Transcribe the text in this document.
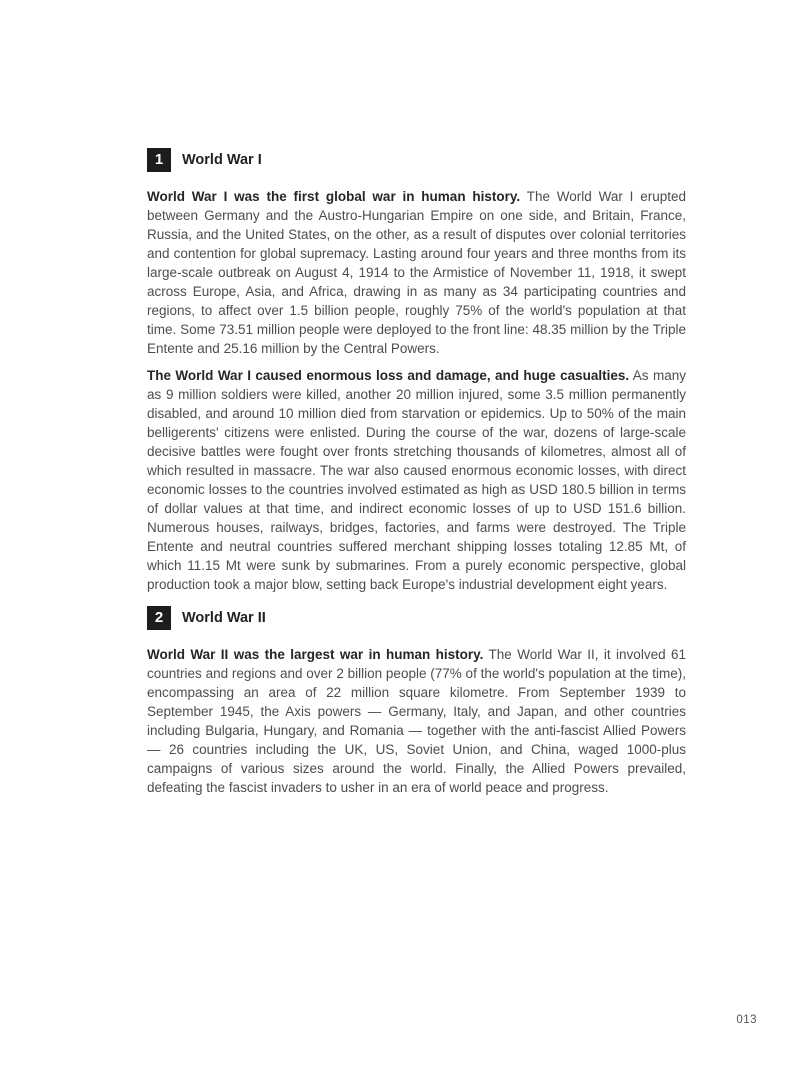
1	World War I

World War I was the first global war in human history. The World War I erupted between Germany and the Austro-Hungarian Empire on one side, and Britain, France, Russia, and the United States, on the other, as a result of disputes over colonial territories and contention for global supremacy. Lasting around four years and three months from its large-scale outbreak on August 4, 1914 to the Armistice of November 11, 1918, it swept across Europe, Asia, and Africa, drawing in as many as 34 participating countries and regions, to affect over 1.5 billion people, roughly 75% of the world's population at that time. Some 73.51 million people were deployed to the front line: 48.35 million by the Triple Entente and 25.16 million by the Central Powers.

The World War I caused enormous loss and damage, and huge casualties. As many as 9 million soldiers were killed, another 20 million injured, some 3.5 million permanently disabled, and around 10 million died from starvation or epidemics. Up to 50% of the main belligerents' citizens were enlisted. During the course of the war, dozens of large-scale decisive battles were fought over fronts stretching thousands of kilometres, almost all of which resulted in massacre. The war also caused enormous economic losses, with direct economic losses to the countries involved estimated as high as USD 180.5 billion in terms of dollar values at that time, and indirect economic losses of up to USD 151.6 billion. Numerous houses, railways, bridges, factories, and farms were destroyed. The Triple Entente and neutral countries suffered merchant shipping losses totaling 12.85 Mt, of which 11.15 Mt were sunk by submarines. From a purely economic perspective, global production took a major blow, setting back Europe's industrial development eight years.

2	World War II

World War II was the largest war in human history. The World War II, it involved 61 countries and regions and over 2 billion people (77% of the world's population at the time), encompassing an area of 22 million square kilometre. From September 1939 to September 1945, the Axis powers — Germany, Italy, and Japan, and other countries including Bulgaria, Hungary, and Romania — together with the anti-fascist Allied Powers — 26 countries including the UK, US, Soviet Union, and China, waged 1000-plus campaigns of various sizes around the world. Finally, the Allied Powers prevailed, defeating the fascist invaders to usher in an era of world peace and progress.

013
